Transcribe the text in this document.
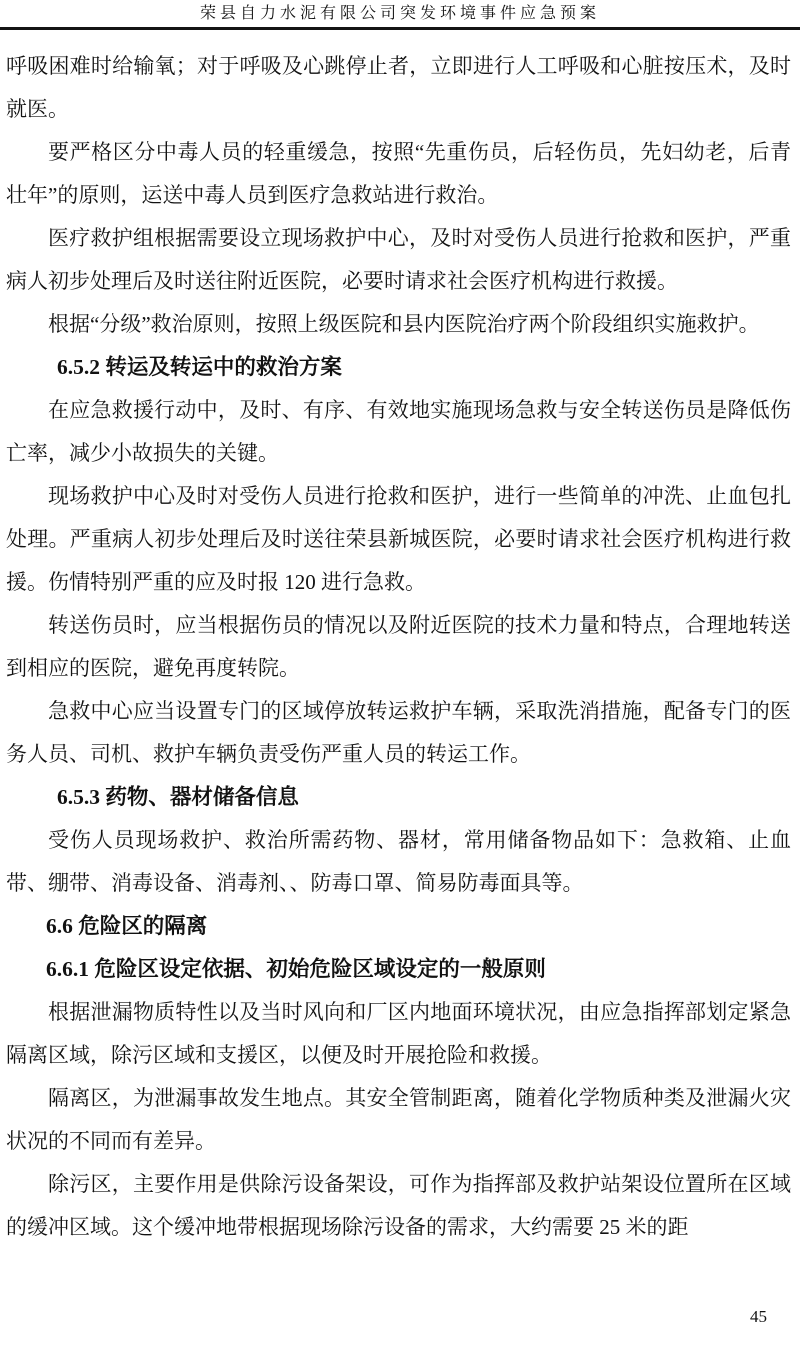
荣县自力水泥有限公司突发环境事件应急预案

呼吸困难时给输氧；对于呼吸及心跳停止者，立即进行人工呼吸和心脏按压术，及时就医。

要严格区分中毒人员的轻重缓急，按照“先重伤员，后轻伤员，先妇幼老，后青壮年”的原则，运送中毒人员到医疗急救站进行救治。

医疗救护组根据需要设立现场救护中心，及时对受伤人员进行抢救和医护，严重病人初步处理后及时送往附近医院，必要时请求社会医疗机构进行救援。

根据“分级”救治原则，按照上级医院和县内医院治疗两个阶段组织实施救护。

6.5.2 转运及转运中的救治方案

在应急救援行动中，及时、有序、有效地实施现场急救与安全转送伤员是降低伤亡率，减少小故损失的关键。

现场救护中心及时对受伤人员进行抢救和医护，进行一些简单的冲洗、止血包扎处理。严重病人初步处理后及时送往荣县新城医院，必要时请求社会医疗机构进行救援。伤情特别严重的应及时报 120 进行急救。

转送伤员时，应当根据伤员的情况以及附近医院的技术力量和特点，合理地转送到相应的医院，避免再度转院。

急救中心应当设置专门的区域停放转运救护车辆，采取洗消措施，配备专门的医务人员、司机、救护车辆负责受伤严重人员的转运工作。

6.5.3 药物、器材储备信息

受伤人员现场救护、救治所需药物、器材，常用储备物品如下：急救箱、止血带、绷带、消毒设备、消毒剂、、防毒口罩、简易防毒面具等。

6.6 危险区的隔离

6.6.1 危险区设定依据、初始危险区域设定的一般原则

根据泄漏物质特性以及当时风向和厂区内地面环境状况，由应急指挥部划定紧急隔离区域，除污区域和支援区，以便及时开展抢险和救援。

隔离区，为泄漏事故发生地点。其安全管制距离，随着化学物质种类及泄漏火灾状况的不同而有差异。

除污区，主要作用是供除污设备架设，可作为指挥部及救护站架设位置所在区域的缓冲区域。这个缓冲地带根据现场除污设备的需求，大约需要 25 米的距

45
